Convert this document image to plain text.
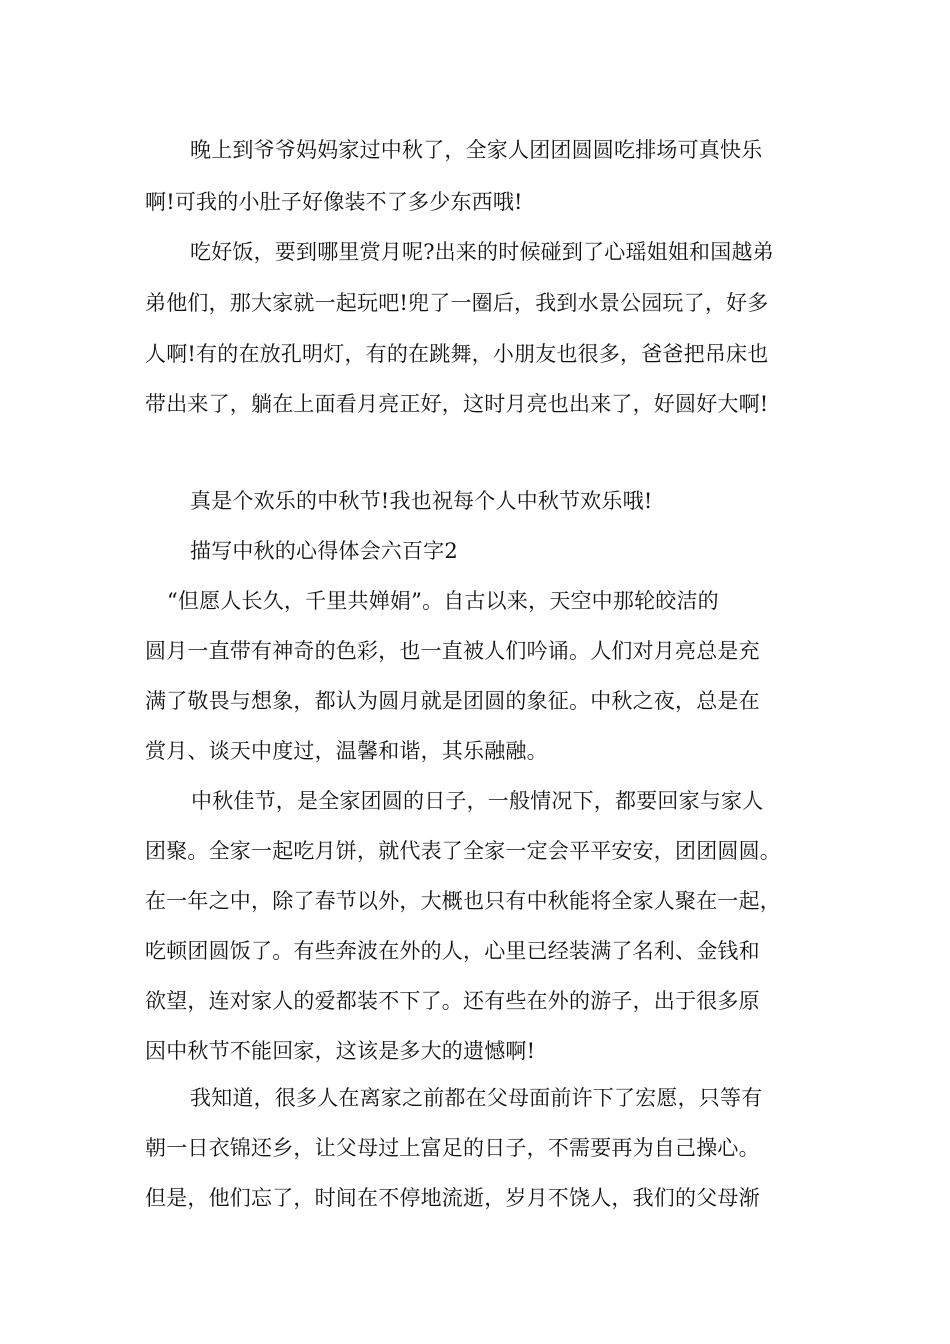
晚上到爷爷妈妈家过中秋了，全家人团团圆圆吃排场可真快乐

啊!可我的小肚子好像装不了多少东西哦!

吃好饭，要到哪里赏月呢?出来的时候碰到了心瑶姐姐和国越弟

弟他们，那大家就一起玩吧!兜了一圈后，我到水景公园玩了，好多

人啊!有的在放孔明灯，有的在跳舞，小朋友也很多，爸爸把吊床也

带出来了，躺在上面看月亮正好，这时月亮也出来了，好圆好大啊!

真是个欢乐的中秋节!我也祝每个人中秋节欢乐哦!

描写中秋的心得体会六百字2

“但愿人长久，千里共婵娟”。自古以来，天空中那轮皎洁的

圆月一直带有神奇的色彩，也一直被人们吟诵。人们对月亮总是充

满了敬畏与想象，都认为圆月就是团圆的象征。中秋之夜，总是在

赏月、谈天中度过，温馨和谐，其乐融融。

中秋佳节，是全家团圆的日子，一般情况下，都要回家与家人

团聚。全家一起吃月饼，就代表了全家一定会平平安安，团团圆圆。

在一年之中，除了春节以外，大概也只有中秋能将全家人聚在一起，

吃顿团圆饭了。有些奔波在外的人，心里已经装满了名利、金钱和

欲望，连对家人的爱都装不下了。还有些在外的游子，出于很多原

因中秋节不能回家，这该是多大的遗憾啊!

我知道，很多人在离家之前都在父母面前许下了宏愿，只等有

朝一日衣锦还乡，让父母过上富足的日子，不需要再为自己操心。

但是，他们忘了，时间在不停地流逝，岁月不饶人，我们的父母渐
